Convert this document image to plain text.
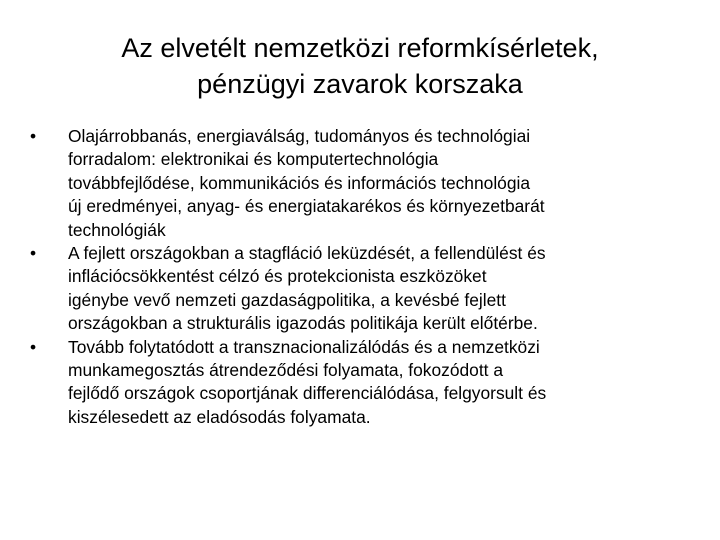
Az elvetélt nemzetközi reformkísérletek,
pénzügyi zavarok korszaka
•	Olajárrobbanás, energiaválság, tudományos és technológiai
forradalom: elektronikai és komputertechnológia
továbbfejlődése, kommunikációs és információs technológia
új eredményei, anyag- és energiatakarékos és környezetbarát
technológiák
•	A fejlett országokban a stagfláció leküzdését, a fellendülést és
inflációcsökkentést célzó és protekcionista eszközöket
igénybe vevő nemzeti gazdaságpolitika, a kevésbé fejlett
országokban a strukturális igazodás politikája került előtérbe.
•	Tovább folytatódott a transznacionalizálódás és a nemzetközi
munkamegosztás átrendeződési folyamata, fokozódott a
fejlődő országok csoportjának differenciálódása, felgyorsult és
kiszélesedett az eladósodás folyamata.
